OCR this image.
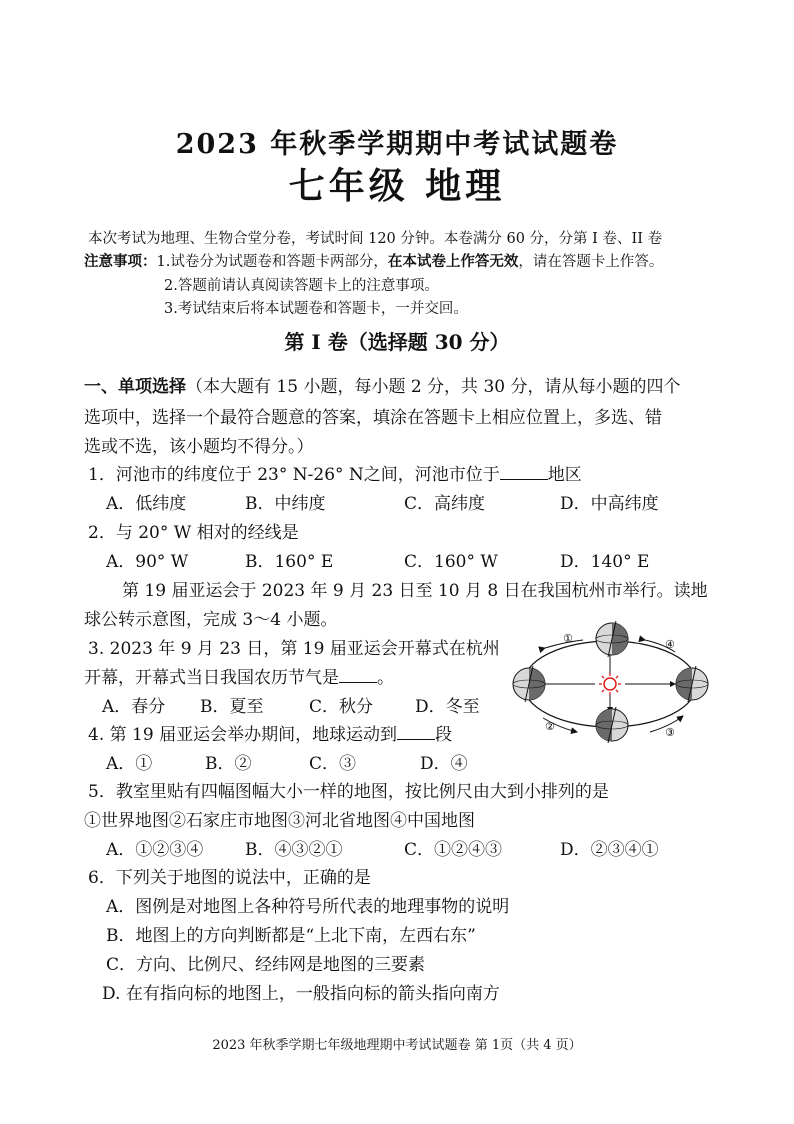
2023 年秋季学期期中考试试题卷
七年级 地理
本次考试为地理、生物合堂分卷，考试时间 120 分钟。本卷满分 60 分，分第 I 卷、II 卷
注意事项：1.试卷分为试题卷和答题卡两部分，在本试卷上作答无效，请在答题卡上作答。
2.答题前请认真阅读答题卡上的注意事项。
3.考试结束后将本试题卷和答题卡，一并交回。
第 I 卷（选择题 30 分）
一、单项选择（本大题有 15 小题，每小题 2 分，共 30 分，请从每小题的四个
选项中，选择一个最符合题意的答案，填涂在答题卡上相应位置上，多选、错
选或不选，该小题均不得分。）
1．河池市的纬度位于 23° N-26° N之间，河池市位于	地区
A．低纬度	B．中纬度	C．高纬度	D．中高纬度
2．与 20° W 相对的经线是
A．90° W	B．160° E	C．160° W	D．140° E
第 19 届亚运会于 2023 年 9 月 23 日至 10 月 8 日在我国杭州市举行。读地
球公转示意图，完成 3～4 小题。
3. 2023 年 9 月 23 日，第 19 届亚运会开幕式在杭州
开幕，开幕式当日我国农历节气是 。
A．春分 B．夏至	C．秋分 D．冬至
4. 第 19 届亚运会举办期间，地球运动到 段
A．①	B．②	C．③	D．④
①
②	③
④
5．教室里贴有四幅图幅大小一样的地图，按比例尺由大到小排列的是
①世界地图②石家庄市地图③河北省地图④中国地图
A．①②③④ B．④③②①	C．①②④③	D．②③④①
6．下列关于地图的说法中，正确的是
A．图例是对地图上各种符号所代表的地理事物的说明
B．地图上的方向判断都是“上北下南，左西右东”
C．方向、比例尺、经纬网是地图的三要素
D. 在有指向标的地图上，一般指向标的箭头指向南方
2023 年秋季学期七年级地理期中考试试题卷 第 1页（共 4 页）
